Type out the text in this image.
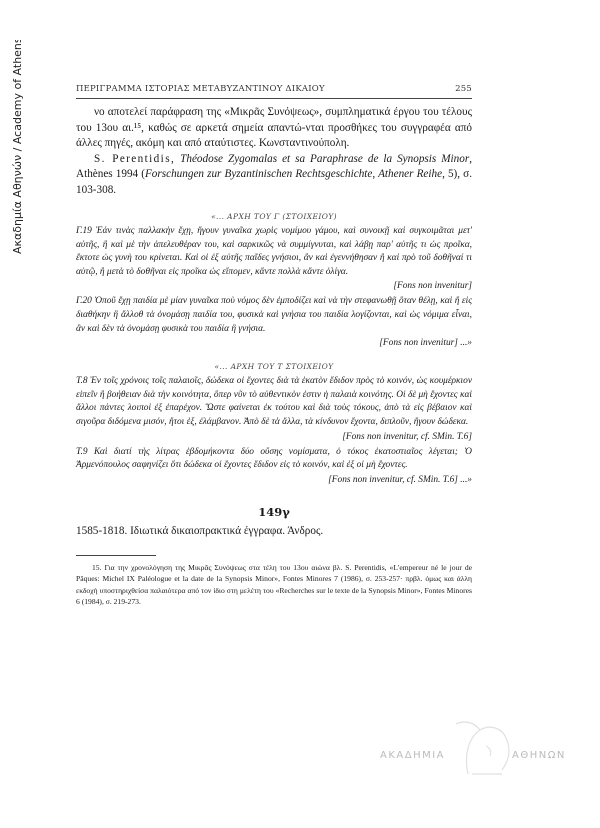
Ακαδημία Αθηνών / Academy of Athens	ΠΕΡΙΓΡΑΜΜΑ ΙΣΤΟΡΙΑΣ ΜΕΤΑΒΥΖΑΝΤΙΝΟΥ ΔΙΚΑΙΟΥ	255

νο αποτελεί παράφραση της «Μικρᾶς Συνόψεως», συμπληματικά έργου του τέλους του 13ου αι.¹⁵, καθώς σε αρκετά σημεία απαντώ-νται προσθήκες του συγγραφέα από άλλες πηγές, ακόμη και από αταύτιστες. Κωνσταντινούπολη.

S. Perentidis, Théodose Zygomalas et sa Paraphrase de la Synopsis Minor, Athènes 1994 (Forschungen zur Byzantinischen Rechtsgeschichte, Athener Reihe, 5), σ. 103-308.

«... ΑΡΧΗ ΤΟΥ Γ (ΣΤΟΙΧΕΙΟΥ)

Γ.19 Ἐάν τινὰς παλλακὴν ἔχῃ, ἤγουν γυναῖκα χωρὶς νομίμου γάμου, καὶ συνοικῇ καὶ συγκοιμᾶται μετ' αὐτῆς, ἢ καὶ μὲ τὴν ἀπελευθέραν του, καὶ σαρκικῶς νὰ συμμίγνυται, καὶ λάβῃ παρ' αὐτῆς τι ὡς προῖκα, ἔκτοτε ὡς γυνὴ του κρίνεται. Καὶ οἱ ἐξ αὐτῆς παῖδες γνήσιοι, ἂν καὶ ἐγεννήθησαν ἢ καὶ πρὸ τοῦ δοθῆναί τι αὐτῷ, ἢ μετὰ τὸ δοθῆναι εἰς προῖκα ὡς εἴπομεν, κἄντε πολλὰ κἄντε ὀλίγα.

[Fons non invenitur]

Γ.20 Ὁποῦ ἔχῃ παιδία μὲ μίαν γυναῖκα ποὺ νόμος δὲν ἐμποδίζει καὶ νὰ τὴν στεφανωθῇ ὅταν θέλῃ, καὶ ἤ εἰς διαθήκην ἢ ἄλλοθ τὰ ὀνομάσῃ παιδία του, φυσικὰ καὶ γνήσια του παιδία λογίζονται, καὶ ὡς νόμιμα εἶναι, ἂν καὶ δὲν τὰ ὀνομάσῃ φυσικὰ του παιδία ἢ γνήσια.

[Fons non invenitur] ...»
«... ΑΡΧΗ ΤΟΥ Τ ΣΤΟΙΧΕΙΟΥ

Τ.8 Ἐν τοῖς χρόνοις τοῖς παλαιοῖς, δώδεκα οἱ ἔχοντες διὰ τὰ ἑκατὸν ἔδιδον πρὸς τὸ κοινόν, ὡς κουμέρκιον εἰπεῖν ἢ βοήθειαν διὰ τὴν κοινότητα, ὅπερ νῦν τὸ αὐθεντικὸν ἐστιν ἡ παλαιὰ κοινότης. Οἱ δὲ μὴ ἔχοντες καὶ ἄλλοι πάντες λοιποὶ ἐξ ἐπαρέχον. Ὥστε φαίνεται ἐκ τούτου καὶ διὰ τοὺς τόκους, ἀπὸ τὰ εἰς βέβαιον καὶ σιγοῦρα διδόμενα μισόν, ἤτοι ἐξ, ἐλάμβανον. Ἀπὸ δὲ τὰ ἄλλα, τὰ κίνδυνον ἔχοντα, διπλοῦν, ἤγουν δώδεκα.

[Fons non invenitur, cf. SMin. T.6]

Τ.9 Καὶ διατί τὴς λίτρας ἑβδομήκοντα δύο οὔσης νομίσματα, ὁ τόκος ἑκατοστιαῖος λέγεται; Ὁ Ἁρμενόπουλος σαφηνίζει ὅτι δώδεκα οἱ ἔχοντες ἔδιδον εἰς τὸ κοινόν, καὶ ἐξ οἱ μὴ ἔχοντες.

[Fons non invenitur, cf. SMin. T.6] ...»
149γ

1585-1818. Ιδιωτικά δικαιοπρακτικά έγγραφα. Άνδρος.

15. Για την χρονολόγηση της Μικρᾶς Συνόψεως στα τέλη του 13ου αιώνα βλ. S. Perentidis, «L'empereur né le jour de Pâques: Michel IX Paléologue et la date de la Synopsis Minor», Fontes Minores 7 (1986), σ. 253-257· πρβλ. όμως και άλλη εκδοχή υποστηριχθείσα παλαιότερα από τον ίδιο στη μελέτη του «Recherches sur le texte de la Synopsis Minor», Fontes Minores 6 (1984), σ. 219-273.

ΑΚΑΔΗΜΙΑ	ΑΘΗΝΩΝ
